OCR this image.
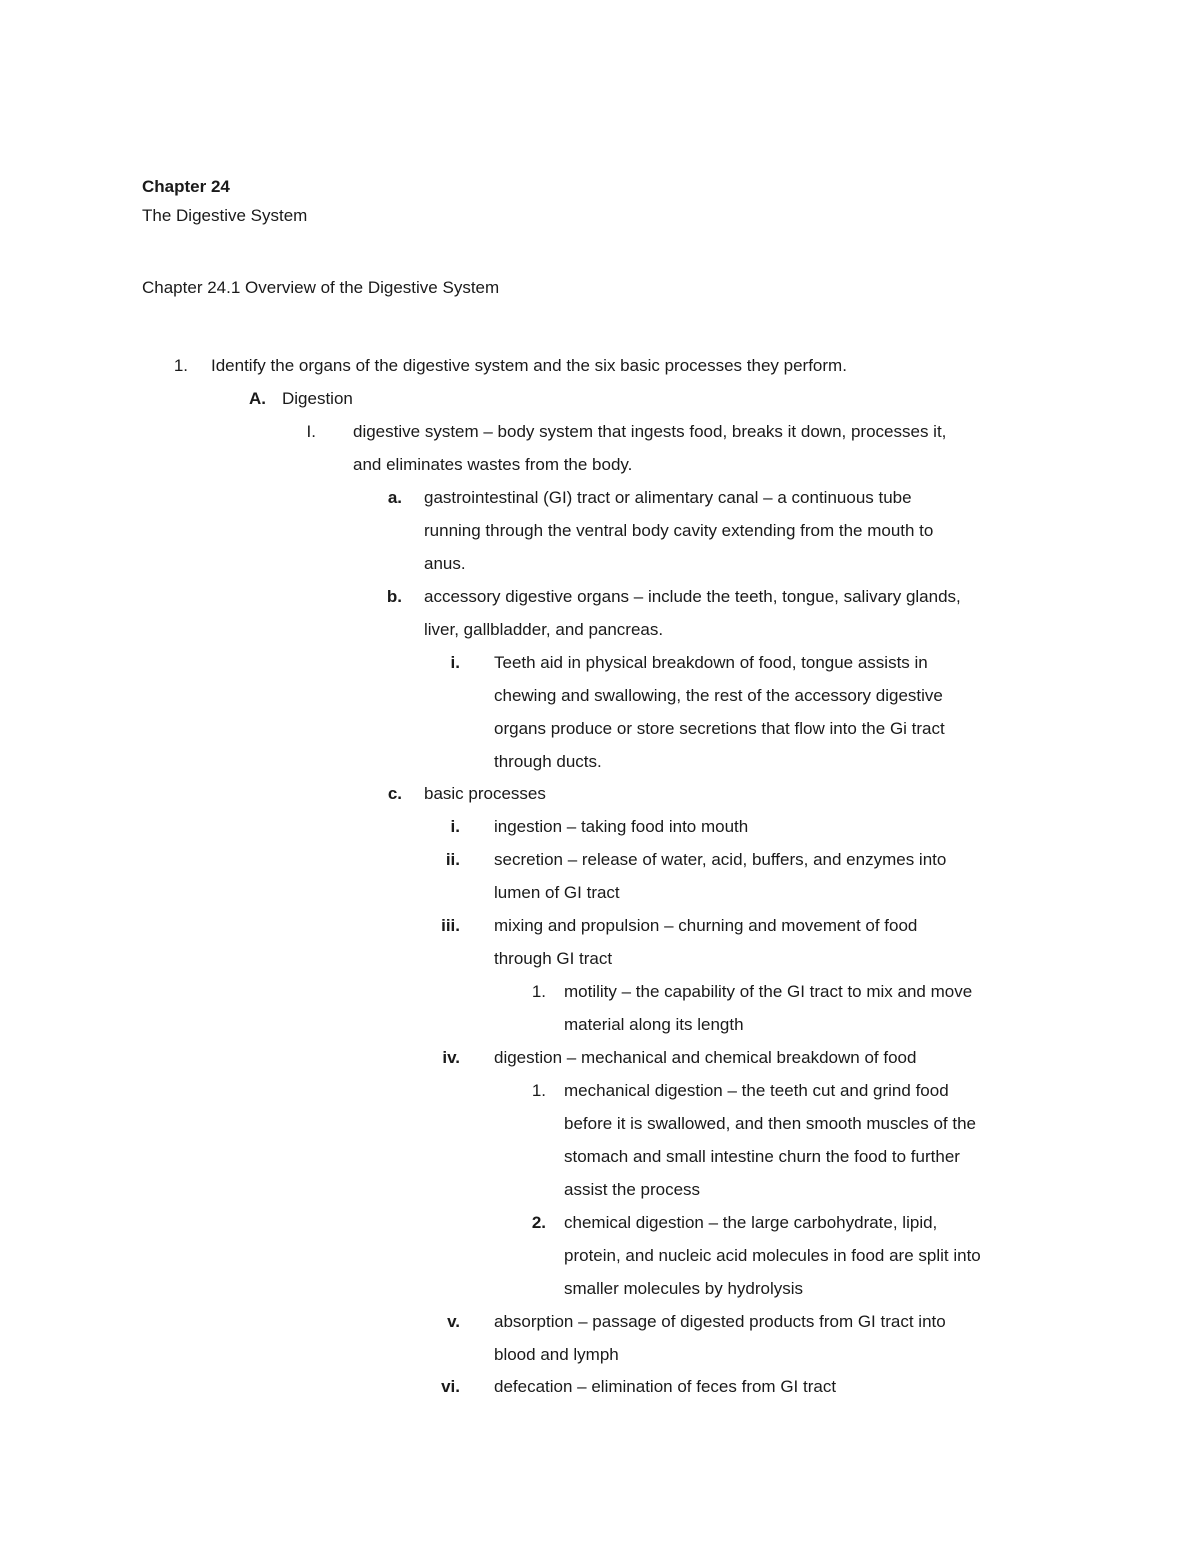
Chapter 24
The Digestive System
Chapter 24.1 Overview of the Digestive System
1. Identify the organs of the digestive system and the six basic processes they perform.
A. Digestion
I. digestive system – body system that ingests food, breaks it down, processes it,
and eliminates wastes from the body.
a. gastrointestinal (GI) tract or alimentary canal – a continuous tube
running through the ventral body cavity extending from the mouth to
anus.
b. accessory digestive organs – include the teeth, tongue, salivary glands,
liver, gallbladder, and pancreas.
i. Teeth aid in physical breakdown of food, tongue assists in
chewing and swallowing, the rest of the accessory digestive
organs produce or store secretions that flow into the Gi tract
through ducts.
c. basic processes
i. ingestion – taking food into mouth
ii. secretion – release of water, acid, buffers, and enzymes into
lumen of GI tract
iii. mixing and propulsion – churning and movement of food
through GI tract
1. motility – the capability of the GI tract to mix and move
material along its length
iv. digestion – mechanical and chemical breakdown of food
1. mechanical digestion – the teeth cut and grind food
before it is swallowed, and then smooth muscles of the
stomach and small intestine churn the food to further
assist the process
2. chemical digestion – the large carbohydrate, lipid,
protein, and nucleic acid molecules in food are split into
smaller molecules by hydrolysis
v. absorption – passage of digested products from GI tract into
blood and lymph
vi. defecation – elimination of feces from GI tract
